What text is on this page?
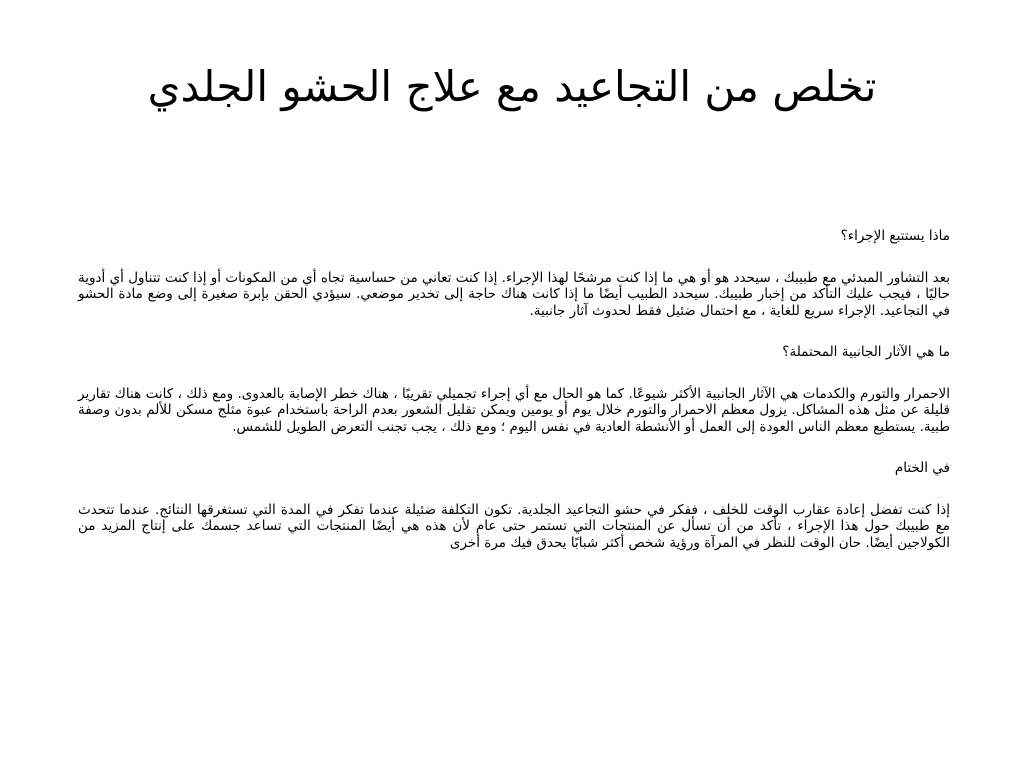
تخلص من التجاعيد مع علاج الحشو الجلدي

ماذا يستتبع الإجراء؟

بعد التشاور المبدئي مع طبيبك ، سيحدد هو أو هي ما إذا كنت مرشحًا لهذا الإجراء. إذا كنت تعاني من حساسية تجاه أي من المكونات أو إذا كنت تتناول أي أدوية حاليًا ، فيجب عليك التأكد من إخبار طبيبك. سيحدد الطبيب أيضًا ما إذا كانت هناك حاجة إلى تخدير موضعي. سيؤدي الحقن بإبرة صغيرة إلى وضع مادة الحشو في التجاعيد. الإجراء سريع للغاية ، مع احتمال ضئيل فقط لحدوث آثار جانبية.

ما هي الآثار الجانبية المحتملة؟

الاحمرار والتورم والكدمات هي الآثار الجانبية الأكثر شيوعًا. كما هو الحال مع أي إجراء تجميلي تقريبًا ، هناك خطر الإصابة بالعدوى. ومع ذلك ، كانت هناك تقارير قليلة عن مثل هذه المشاكل. يزول معظم الاحمرار والتورم خلال يوم أو يومين ويمكن تقليل الشعور بعدم الراحة باستخدام عبوة مثلج مسكن للألم بدون وصفة طبية. يستطيع معظم الناس العودة إلى العمل أو الأنشطة العادية في نفس اليوم ؛ ومع ذلك ، يجب تجنب التعرض الطويل للشمس.

في الختام

إذا كنت تفضل إعادة عقارب الوقت للخلف ، ففكر في حشو التجاعيد الجلدية. تكون التكلفة ضئيلة عندما تفكر في المدة التي تستغرقها النتائج. عندما تتحدث مع طبيبك حول هذا الإجراء ، تأكد من أن تسأل عن المنتجات التي تستمر حتى عام لأن هذه هي أيضًا المنتجات التي تساعد جسمك على إنتاج المزيد من الكولاجين أيضًا. حان الوقت للنظر في المرآة ورؤية شخص أكثر شبابًا يحدق فيك مرة أخرى
